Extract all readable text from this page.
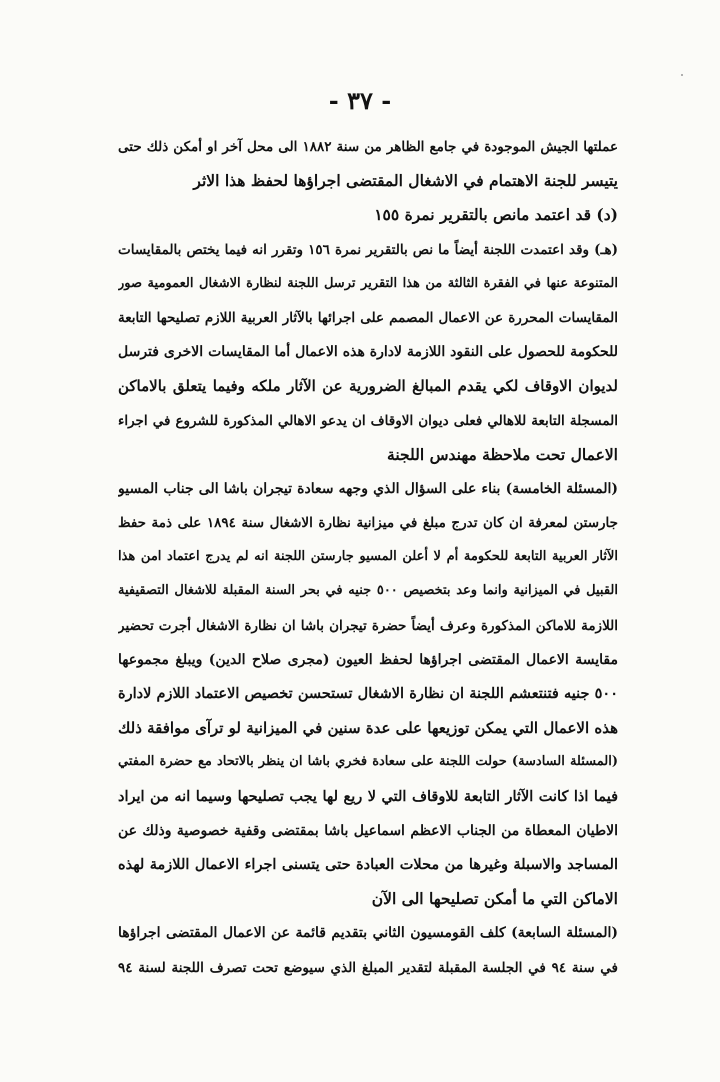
- ٣٧ -
عملتها الجيش الموجودة في جامع الظاهر من سنة ١٨٨٢ الى محل آخر او أمكن ذلك حتى
يتيسر للجنة الاهتمام في الاشغال المقتضى اجراؤها لحفظ هذا الاثر
(د) قد اعتمد مانص بالتقرير نمرة ١٥٥
(هـ) وقد اعتمدت اللجنة أيضاً ما نص بالتقرير نمرة ١٥٦ وتقرر انه فيما يختص بالمقايسات
المتنوعة عنها في الفقرة الثالثة من هذا التقرير ترسل اللجنة لنظارة الاشغال العمومية صور
المقايسات المحررة عن الاعمال المصمم على اجرائها بالآثار العربية اللازم تصليحها التابعة
للحكومة للحصول على النقود اللازمة لادارة هذه الاعمال أما المقايسات الاخرى فترسل
لديوان الاوقاف لكي يقدم المبالغ الضرورية عن الآثار ملكه وفيما يتعلق بالاماكن
المسجلة التابعة للاهالي فعلى ديوان الاوقاف ان يدعو الاهالي المذكورة للشروع في اجراء
الاعمال تحت ملاحظة مهندس اللجنة
(المسئلة الخامسة) بناء على السؤال الذي وجهه سعادة تيجران باشا الى جناب المسيو
جارستن لمعرفة ان كان تدرج مبلغ في ميزانية نظارة الاشغال سنة ١٨٩٤ على ذمة حفظ
الآثار العربية التابعة للحكومة أم لا أعلن المسيو جارستن اللجنة انه لم يدرج اعتماد امن هذا
القبيل في الميزانية وانما وعد بتخصيص ٥٠٠ جنيه في بحر السنة المقبلة للاشغال التصقيفية
اللازمة للاماكن المذكورة وعرف أيضاً حضرة تيجران باشا ان نظارة الاشغال أجرت تحضير
مقايسة الاعمال المقتضى اجراؤها لحفظ العيون (مجرى صلاح الدين) ويبلغ مجموعها
٥٠٠ جنيه فتنتعشم اللجنة ان نظارة الاشغال تستحسن تخصيص الاعتماد اللازم لادارة
هذه الاعمال التي يمكن توزيعها على عدة سنين في الميزانية لو ترآى موافقة ذلك
(المسئلة السادسة) حولت اللجنة على سعادة فخري باشا ان ينظر بالاتحاد مع حضرة المفتي
فيما اذا كانت الآثار التابعة للاوقاف التي لا ريع لها يجب تصليحها وسيما انه من ايراد
الاطيان المعطاة من الجناب الاعظم اسماعيل باشا بمقتضى وقفية خصوصية وذلك عن
المساجد والاسبلة وغيرها من محلات العبادة حتى يتسنى اجراء الاعمال اللازمة لهذه
الاماكن التي ما أمكن تصليحها الى الآن
(المسئلة السابعة) كلف القومسيون الثاني بتقديم قائمة عن الاعمال المقتضى اجراؤها
في سنة ٩٤ في الجلسة المقبلة لتقدير المبلغ الذي سيوضع تحت تصرف اللجنة لسنة ٩٤
